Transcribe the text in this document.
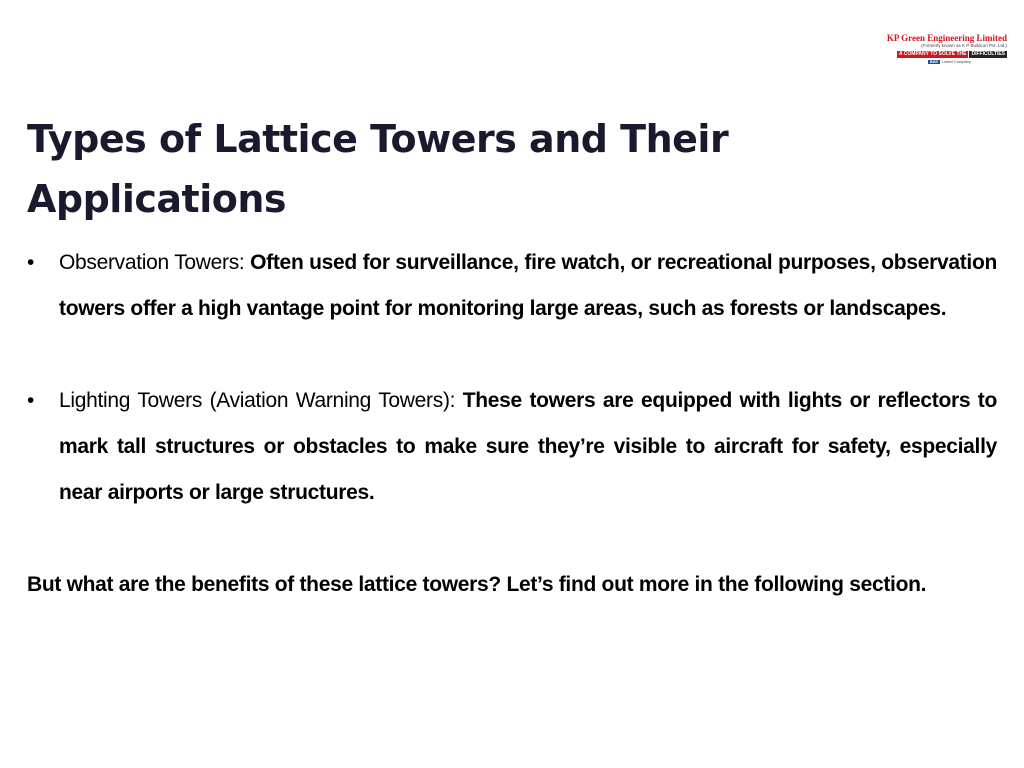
KP Green Engineering Limited
(Formerly known as K P Buildcon Pvt. Ltd.)
A COMPANY TO SOLVE THE	DIFFICULTIES
BSE	Listed Company
Types of Lattice Towers and Their Applications
• Observation Towers: Often used for surveillance, fire watch, or recreational purposes, observation towers offer a high vantage point for monitoring large areas, such as forests or landscapes.
• Lighting Towers (Aviation Warning Towers): These towers are equipped with lights or reflectors to mark tall structures or obstacles to make sure they’re visible to aircraft for safety, especially near airports or large structures.

But what are the benefits of these lattice towers? Let’s find out more in the following section.
